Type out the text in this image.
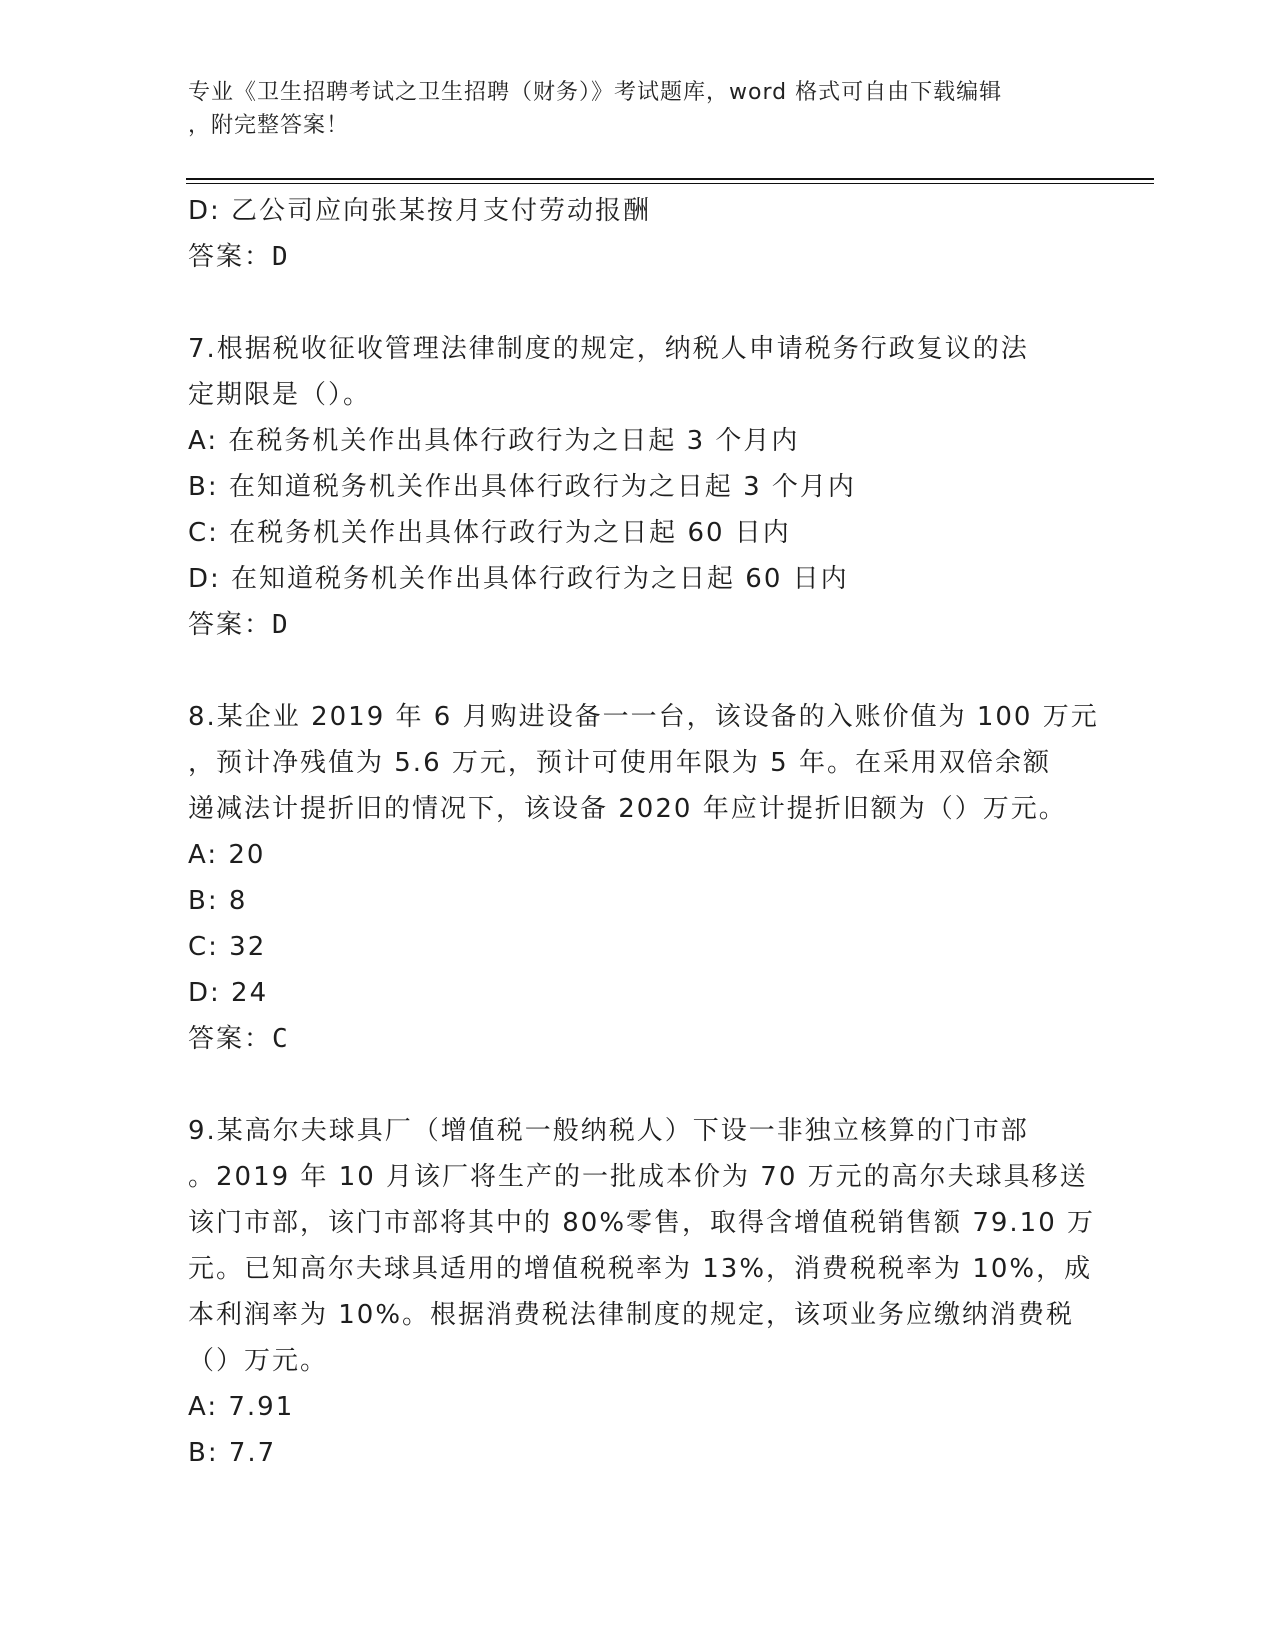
专业《卫生招聘考试之卫生招聘（财务）》考试题库，word 格式可自由下载编辑
，附完整答案！
D: 乙公司应向张某按月支付劳动报酬
答案：D
7.根据税收征收管理法律制度的规定，纳税人申请税务行政复议的法
定期限是（）。
A: 在税务机关作出具体行政行为之日起 3 个月内
B: 在知道税务机关作出具体行政行为之日起 3 个月内
C: 在税务机关作出具体行政行为之日起 60 日内
D: 在知道税务机关作出具体行政行为之日起 60 日内
答案：D
8.某企业 2019 年 6 月购进设备一一台，该设备的入账价值为 100 万元
，预计净残值为 5.6 万元，预计可使用年限为 5 年。在采用双倍余额
递减法计提折旧的情况下，该设备 2020 年应计提折旧额为（）万元。
A: 20
B: 8
C: 32
D: 24
答案：C
9.某高尔夫球具厂（增值税一般纳税人）下设一非独立核算的门市部
。2019 年 10 月该厂将生产的一批成本价为 70 万元的高尔夫球具移送
该门市部，该门市部将其中的 80%零售，取得含增值税销售额 79.10 万
元。已知高尔夫球具适用的增值税税率为 13%，消费税税率为 10%，成
本利润率为 10%。根据消费税法律制度的规定，该项业务应缴纳消费税
（）万元。
A: 7.91
B: 7.7
